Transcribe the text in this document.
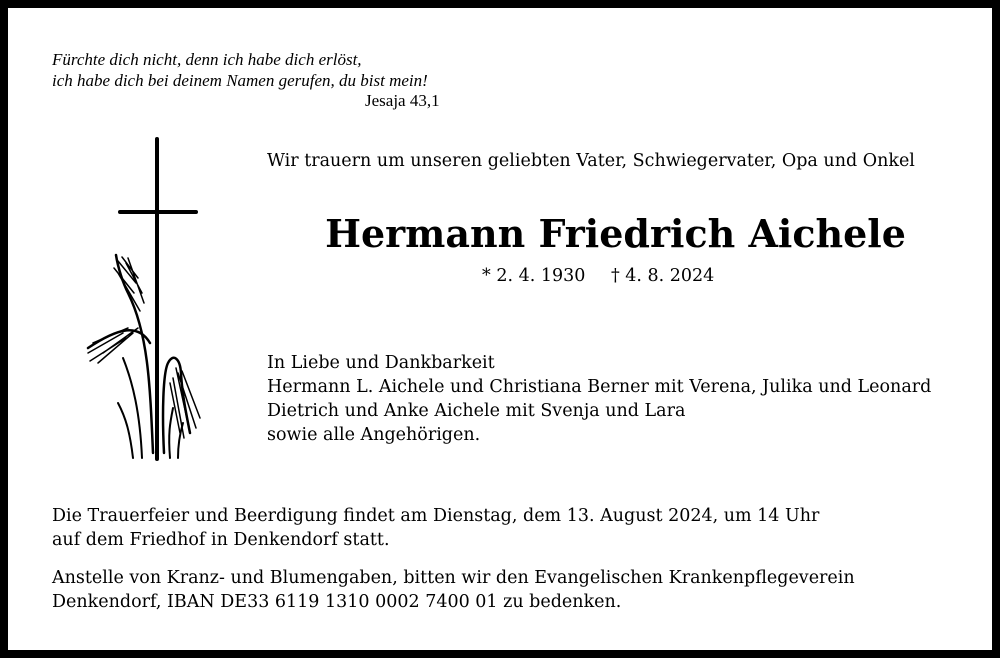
Fürchte dich nicht, denn ich habe dich erlöst,
ich habe dich bei deinem Namen gerufen, du bist mein!
Jesaja 43,1
Wir trauern um unseren geliebten Vater, Schwiegervater, Opa und Onkel
Hermann Friedrich Aichele
* 2. 4. 1930 † 4. 8. 2024
In Liebe und Dankbarkeit
Hermann L. Aichele und Christiana Berner mit Verena, Julika und Leonard
Dietrich und Anke Aichele mit Svenja und Lara
sowie alle Angehörigen.
Die Trauerfeier und Beerdigung findet am Dienstag, dem 13. August 2024, um 14 Uhr
auf dem Friedhof in Denkendorf statt.
Anstelle von Kranz- und Blumengaben, bitten wir den Evangelischen Krankenpflegeverein
Denkendorf, IBAN DE33 6119 1310 0002 7400 01 zu bedenken.
